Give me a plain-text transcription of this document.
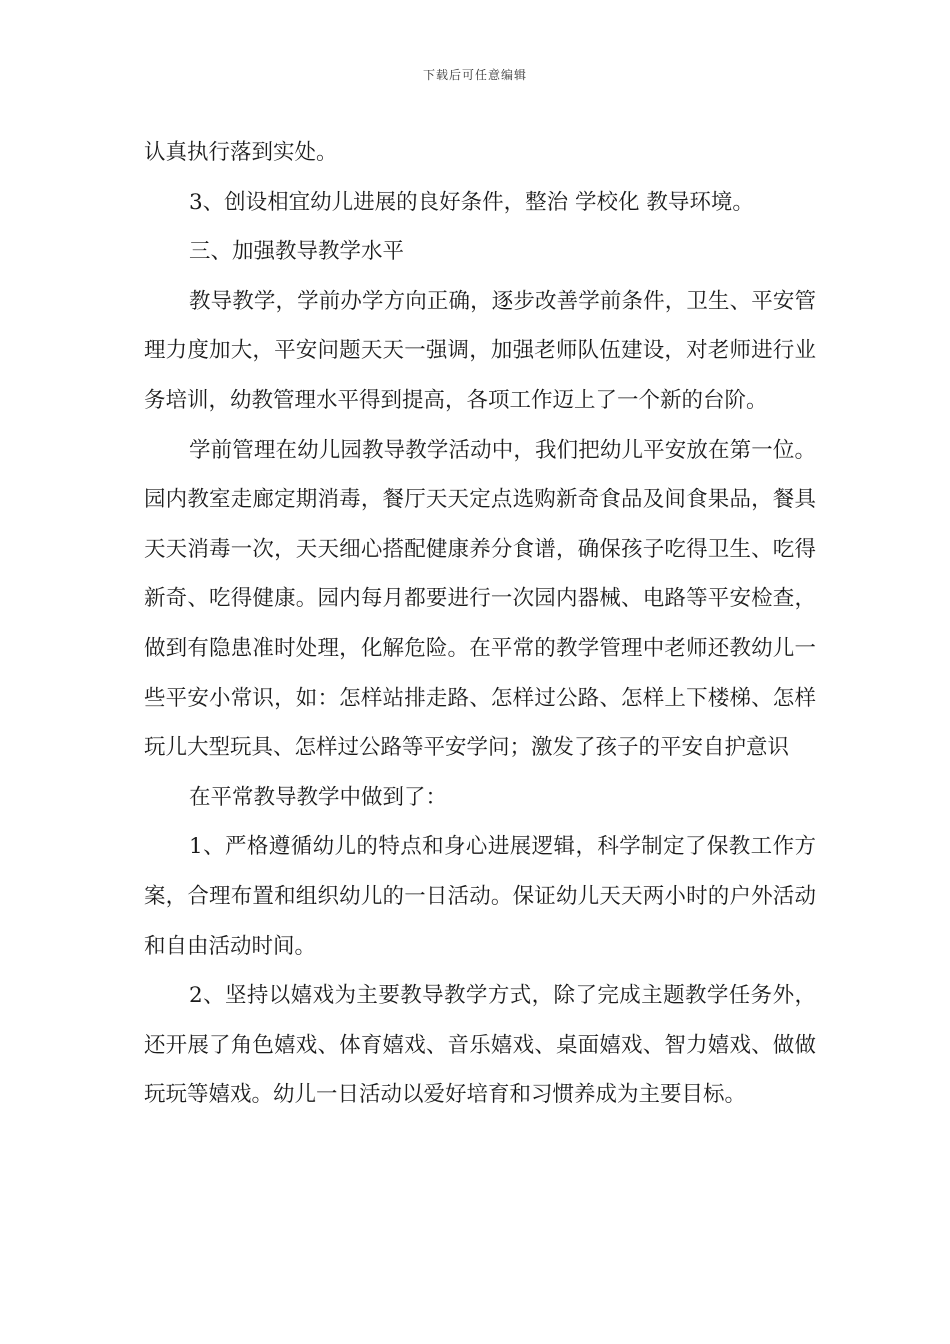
下载后可任意编辑

认真执行落到实处。

3、创设相宜幼儿进展的良好条件，整治 学校化 教导环境。

三、加强教导教学水平

教导教学，学前办学方向正确，逐步改善学前条件，卫生、平安管理力度加大，平安问题天天一强调，加强老师队伍建设，对老师进行业务培训，幼教管理水平得到提高，各项工作迈上了一个新的台阶。

学前管理在幼儿园教导教学活动中，我们把幼儿平安放在第一位。园内教室走廊定期消毒，餐厅天天定点选购新奇食品及间食果品，餐具天天消毒一次，天天细心搭配健康养分食谱，确保孩子吃得卫生、吃得新奇、吃得健康。园内每月都要进行一次园内器械、电路等平安检查，做到有隐患准时处理，化解危险。在平常的教学管理中老师还教幼儿一些平安小常识，如：怎样站排走路、怎样过公路、怎样上下楼梯、怎样玩儿大型玩具、怎样过公路等平安学问；激发了孩子的平安自护意识

在平常教导教学中做到了：

1、严格遵循幼儿的特点和身心进展逻辑，科学制定了保教工作方案，合理布置和组织幼儿的一日活动。保证幼儿天天两小时的户外活动和自由活动时间。

2、坚持以嬉戏为主要教导教学方式，除了完成主题教学任务外，还开展了角色嬉戏、体育嬉戏、音乐嬉戏、桌面嬉戏、智力嬉戏、做做玩玩等嬉戏。幼儿一日活动以爱好培育和习惯养成为主要目标。
